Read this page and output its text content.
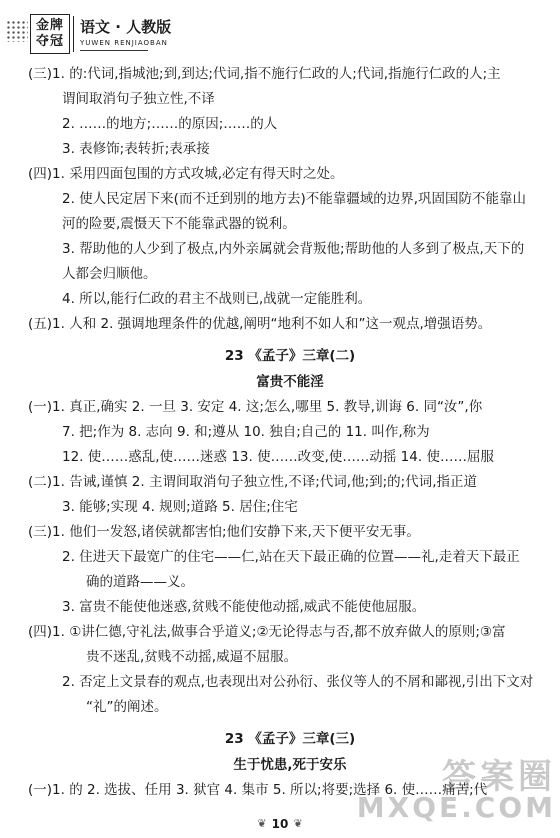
金牌
夺冠
语文 · 人教版
YUWEN RENJIAOBAN
(三)1. 的:代词,指城池;到,到达;代词,指不施行仁政的人;代词,指施行仁政的人;主
谓间取消句子独立性,不译
2. ……的地方;……的原因;……的人
3. 表修饰;表转折;表承接
(四)1. 采用四面包围的方式攻城,必定有得天时之处。
2. 使人民定居下来(而不迁到别的地方去)不能靠疆域的边界,巩固国防不能靠山
河的险要,震慑天下不能靠武器的锐利。
3. 帮助他的人少到了极点,内外亲属就会背叛他;帮助他的人多到了极点,天下的
人都会归顺他。
4. 所以,能行仁政的君主不战则已,战就一定能胜利。
(五)1. 人和 2. 强调地理条件的优越,阐明“地利不如人和”这一观点,增强语势。
23 《孟子》三章(二)
富贵不能淫
(一)1. 真正,确实 2. 一旦 3. 安定 4. 这;怎么,哪里 5. 教导,训诲 6. 同“汝”,你
7. 把;作为 8. 志向 9. 和;遵从 10. 独自;自己的 11. 叫作,称为
12. 使……惑乱,使……迷惑 13. 使……改变,使……动摇 14. 使……屈服
(二)1. 告诫,谨慎 2. 主谓间取消句子独立性,不译;代词,他;到;的;代词,指正道
3. 能够;实现 4. 规则;道路 5. 居住;住宅
(三)1. 他们一发怒,诸侯就都害怕;他们安静下来,天下便平安无事。
2. 住进天下最宽广的住宅——仁,站在天下最正确的位置——礼,走着天下最正
确的道路——义。
3. 富贵不能使他迷惑,贫贱不能使他动摇,威武不能使他屈服。
(四)1. ①讲仁德,守礼法,做事合乎道义;②无论得志与否,都不放弃做人的原则;③富
贵不迷乱,贫贱不动摇,威逼不屈服。
2. 否定上文景春的观点,也表现出对公孙衍、张仪等人的不屑和鄙视,引出下文对
“礼”的阐述。
23 《孟子》三章(三)
生于忧患,死于安乐
(一)1. 的 2. 选拔、任用 3. 狱官 4. 集市 5. 所以;将要;选择 6. 使……痛苦;代
答案圈
MXQE.COM
❦ 10 ❦
